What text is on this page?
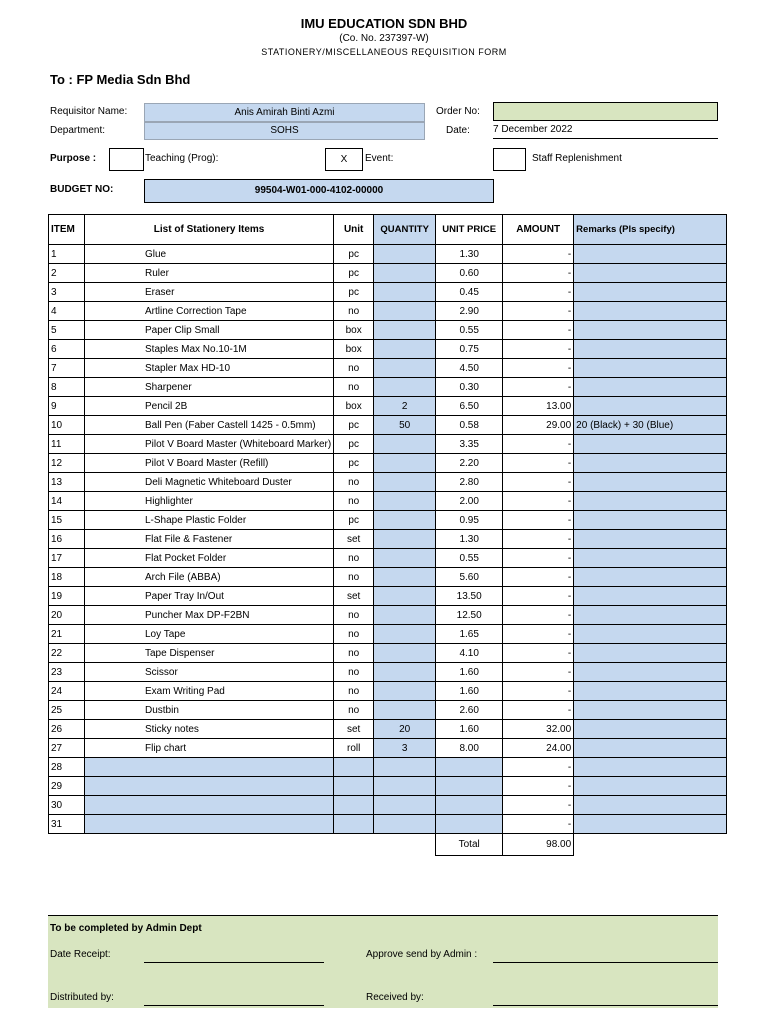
IMU EDUCATION SDN BHD
(Co. No. 237397-W)
STATIONERY/MISCELLANEOUS REQUISITION FORM
To : FP Media Sdn Bhd
Requisitor Name:	Anis Amirah Binti Azmi	Order No:
Department:	SOHS	Date: 7 December 2022
Purpose :	Teaching (Prog):	X	Event:	Staff Replenishment
BUDGET NO:	99504-W01-000-4102-00000
ITEM	List of Stationery Items	Unit	QUANTITY	UNIT PRICE	AMOUNT	Remarks (Pls specify)
1	Glue	pc		1.30	-	
2	Ruler	pc		0.60	-	
3	Eraser	pc		0.45	-	
4	Artline Correction Tape	no		2.90	-	
5	Paper Clip Small	box		0.55	-	
6	Staples Max No.10-1M	box		0.75	-	
7	Stapler Max HD-10	no		4.50	-	
8	Sharpener	no		0.30	-	
9	Pencil 2B	box	2	6.50	13.00	
10	Ball Pen (Faber Castell 1425 - 0.5mm)	pc	50	0.58	29.00	20 (Black) + 30 (Blue)
11	Pilot V Board Master (Whiteboard Marker)	pc		3.35	-	
12	Pilot V Board Master (Refill)	pc		2.20	-	
13	Deli Magnetic Whiteboard Duster	no		2.80	-	
14	Highlighter	no		2.00	-	
15	L-Shape Plastic Folder	pc		0.95	-	
16	Flat File & Fastener	set		1.30	-	
17	Flat Pocket Folder	no		0.55	-	
18	Arch File (ABBA)	no		5.60	-	
19	Paper Tray In/Out	set		13.50	-	
20	Puncher Max DP-F2BN	no		12.50	-	
21	Loy Tape	no		1.65	-	
22	Tape Dispenser	no		4.10	-	
23	Scissor	no		1.60	-	
24	Exam Writing Pad	no		1.60	-	
25	Dustbin	no		2.60	-	
26	Sticky notes	set	20	1.60	32.00	
27	Flip chart	roll	3	8.00	24.00	
28					-	
29					-	
30					-	
31					-	
				Total	98.00	
To be completed by Admin Dept
Date Receipt:	Approve send by Admin :
Distributed by:	Received by:
